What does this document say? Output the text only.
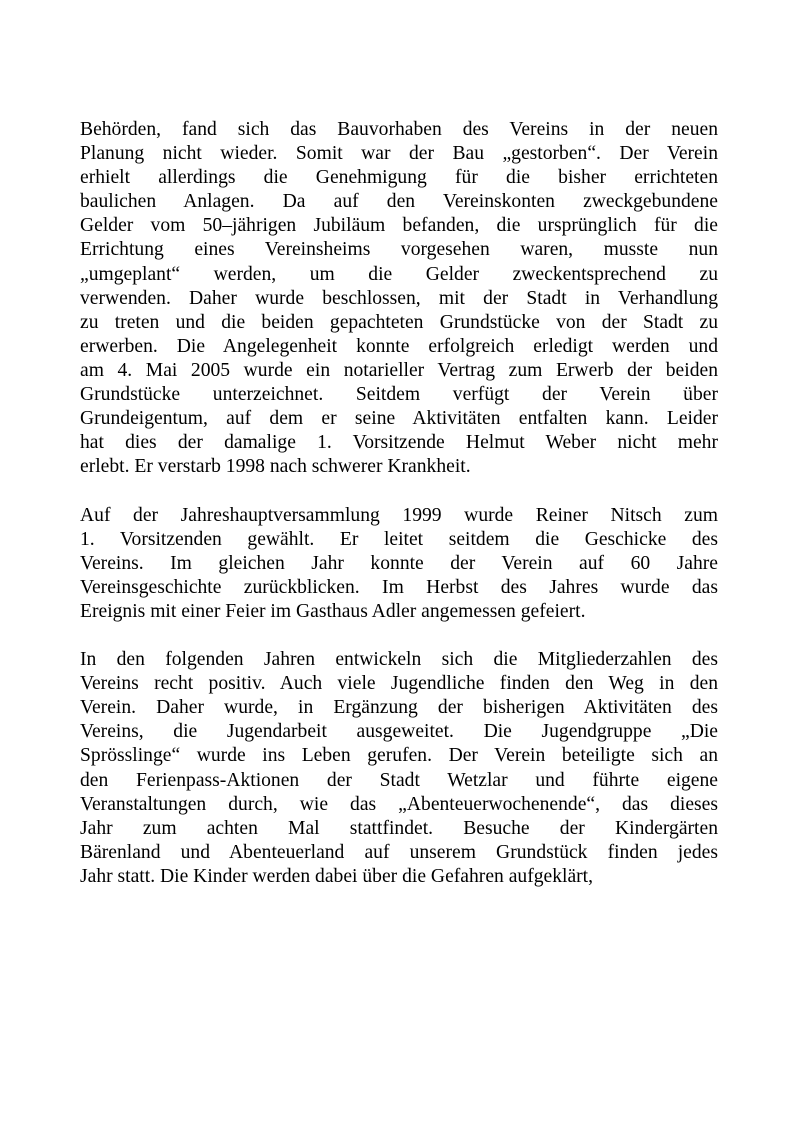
Behörden, fand sich das Bauvorhaben des Vereins in der neuen
Planung nicht wieder. Somit war der Bau „gestorben“. Der Verein
erhielt allerdings die Genehmigung für die bisher errichteten
baulichen Anlagen. Da auf den Vereinskonten zweckgebundene
Gelder vom 50–jährigen Jubiläum befanden, die ursprünglich für die
Errichtung eines Vereinsheims vorgesehen waren, musste nun
„umgeplant“ werden, um die Gelder zweckentsprechend zu
verwenden. Daher wurde beschlossen, mit der Stadt in Verhandlung
zu treten und die beiden gepachteten Grundstücke von der Stadt zu
erwerben. Die Angelegenheit konnte erfolgreich erledigt werden und
am 4. Mai 2005 wurde ein notarieller Vertrag zum Erwerb der beiden
Grundstücke unterzeichnet. Seitdem verfügt der Verein über
Grundeigentum, auf dem er seine Aktivitäten entfalten kann. Leider
hat dies der damalige 1. Vorsitzende Helmut Weber nicht mehr
erlebt. Er verstarb 1998 nach schwerer Krankheit.

Auf der Jahreshauptversammlung 1999 wurde Reiner Nitsch zum
1. Vorsitzenden gewählt. Er leitet seitdem die Geschicke des
Vereins. Im gleichen Jahr konnte der Verein auf 60 Jahre
Vereinsgeschichte zurückblicken. Im Herbst des Jahres wurde das
Ereignis mit einer Feier im Gasthaus Adler angemessen gefeiert.

In den folgenden Jahren entwickeln sich die Mitgliederzahlen des
Vereins recht positiv. Auch viele Jugendliche finden den Weg in den
Verein. Daher wurde, in Ergänzung der bisherigen Aktivitäten des
Vereins, die Jugendarbeit ausgeweitet. Die Jugendgruppe „Die
Sprösslinge“ wurde ins Leben gerufen. Der Verein beteiligte sich an
den Ferienpass-Aktionen der Stadt Wetzlar und führte eigene
Veranstaltungen durch, wie das „Abenteuerwochenende“, das dieses
Jahr zum achten Mal stattfindet. Besuche der Kindergärten
Bärenland und Abenteuerland auf unserem Grundstück finden jedes
Jahr statt. Die Kinder werden dabei über die Gefahren aufgeklärt,
